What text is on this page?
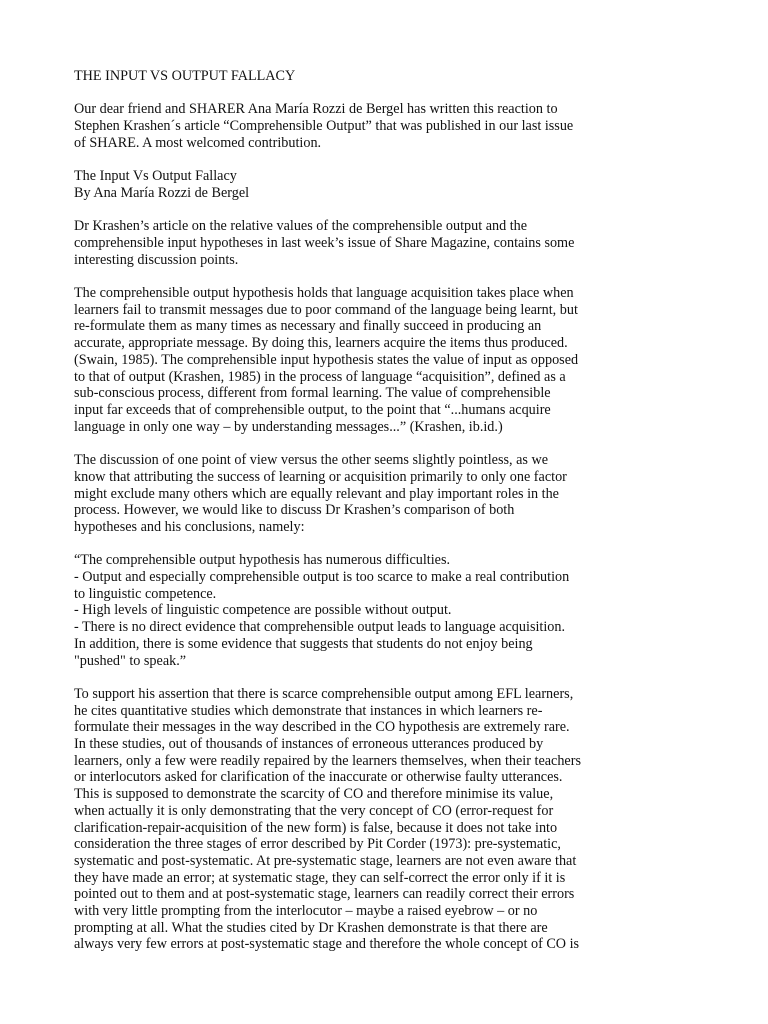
THE INPUT VS OUTPUT FALLACY

Our dear friend and SHARER Ana María Rozzi de Bergel has written this reaction to
Stephen Krashen´s article “Comprehensible Output” that was published in our last issue
of SHARE. A most welcomed contribution.

The Input Vs Output Fallacy
By Ana María Rozzi de Bergel

Dr Krashen’s article on the relative values of the comprehensible output and the
comprehensible input hypotheses in last week’s issue of Share Magazine, contains some
interesting discussion points.

The comprehensible output hypothesis holds that language acquisition takes place when
learners fail to transmit messages due to poor command of the language being learnt, but
re-formulate them as many times as necessary and finally succeed in producing an
accurate, appropriate message. By doing this, learners acquire the items thus produced.
(Swain, 1985). The comprehensible input hypothesis states the value of input as opposed
to that of output (Krashen, 1985) in the process of language “acquisition”, defined as a
sub-conscious process, different from formal learning. The value of comprehensible
input far exceeds that of comprehensible output, to the point that “...humans acquire
language in only one way – by understanding messages...” (Krashen, ib.id.)

The discussion of one point of view versus the other seems slightly pointless, as we
know that attributing the success of learning or acquisition primarily to only one factor
might exclude many others which are equally relevant and play important roles in the
process. However, we would like to discuss Dr Krashen’s comparison of both
hypotheses and his conclusions, namely:

“The comprehensible output hypothesis has numerous difficulties.
- Output and especially comprehensible output is too scarce to make a real contribution
to linguistic competence.
- High levels of linguistic competence are possible without output.
- There is no direct evidence that comprehensible output leads to language acquisition.
In addition, there is some evidence that suggests that students do not enjoy being
"pushed" to speak.”

To support his assertion that there is scarce comprehensible output among EFL learners,
he cites quantitative studies which demonstrate that instances in which learners re-
formulate their messages in the way described in the CO hypothesis are extremely rare.
In these studies, out of thousands of instances of erroneous utterances produced by
learners, only a few were readily repaired by the learners themselves, when their teachers
or interlocutors asked for clarification of the inaccurate or otherwise faulty utterances.
This is supposed to demonstrate the scarcity of CO and therefore minimise its value,
when actually it is only demonstrating that the very concept of CO (error-request for
clarification-repair-acquisition of the new form) is false, because it does not take into
consideration the three stages of error described by Pit Corder (1973): pre-systematic,
systematic and post-systematic. At pre-systematic stage, learners are not even aware that
they have made an error; at systematic stage, they can self-correct the error only if it is
pointed out to them and at post-systematic stage, learners can readily correct their errors
with very little prompting from the interlocutor – maybe a raised eyebrow – or no
prompting at all. What the studies cited by Dr Krashen demonstrate is that there are
always very few errors at post-systematic stage and therefore the whole concept of CO is
